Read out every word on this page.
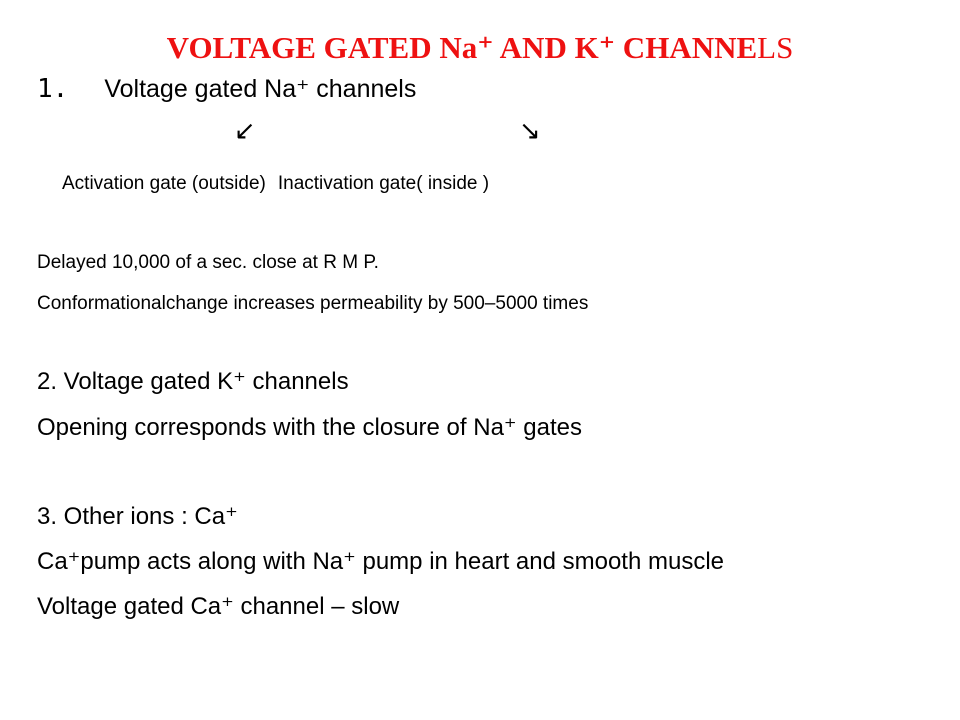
VOLTAGE GATED Na⁺ AND K⁺ CHANNELS
1. Voltage gated Na⁺ channels
↙	↘
Activation gate (outside) Inactivation gate( inside )
Delayed 10,000 of a sec. close at R M P.
Conformationalchange increases permeability by 500–5000 times
2. Voltage gated K⁺ channels
Opening corresponds with the closure of Na⁺ gates
3. Other ions : Ca⁺
Ca⁺pump acts along with Na⁺ pump in heart and smooth muscle
Voltage gated Ca⁺ channel – slow
